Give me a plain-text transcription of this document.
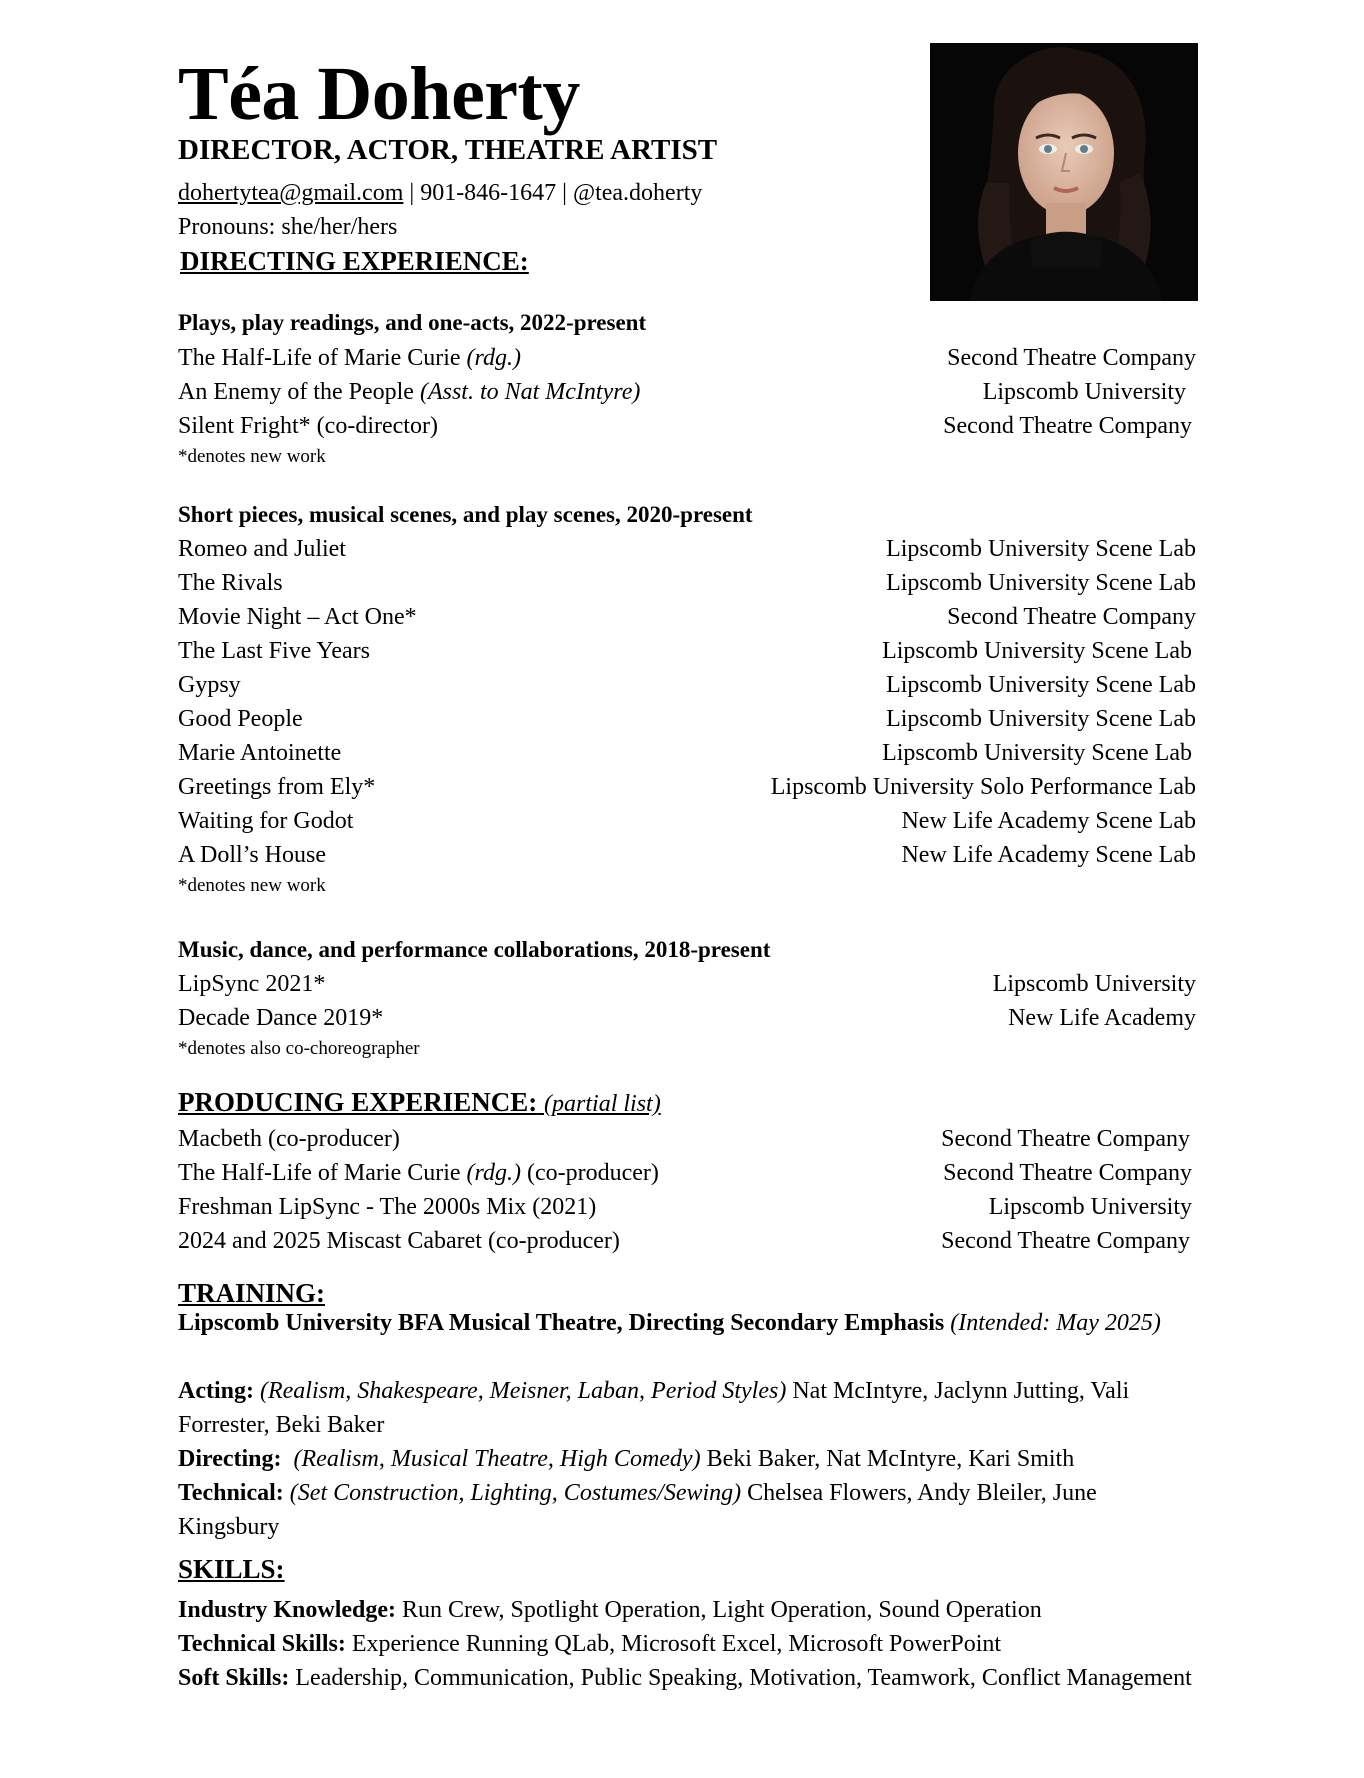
Téa Doherty
DIRECTOR, ACTOR, THEATRE ARTIST
dohertytea@gmail.com | 901-846-1647 | @tea.doherty
Pronouns: she/her/hers
DIRECTING EXPERIENCE:
Plays, play readings, and one-acts, 2022-present
The Half-Life of Marie Curie (rdg.)	Second Theatre Company
An Enemy of the People (Asst. to Nat McIntyre)	Lipscomb University
Silent Fright* (co-director)	Second Theatre Company
*denotes new work
Short pieces, musical scenes, and play scenes, 2020-present
Romeo and Juliet	Lipscomb University Scene Lab
The Rivals	Lipscomb University Scene Lab
Movie Night – Act One*	Second Theatre Company
The Last Five Years	Lipscomb University Scene Lab
Gypsy	Lipscomb University Scene Lab
Good People	Lipscomb University Scene Lab
Marie Antoinette	Lipscomb University Scene Lab
Greetings from Ely*	Lipscomb University Solo Performance Lab
Waiting for Godot	New Life Academy Scene Lab
A Doll’s House	New Life Academy Scene Lab
*denotes new work
Music, dance, and performance collaborations, 2018-present
LipSync 2021*	Lipscomb University
Decade Dance 2019*	New Life Academy
*denotes also co-choreographer
PRODUCING EXPERIENCE: (partial list)
Macbeth (co-producer)	Second Theatre Company
The Half-Life of Marie Curie (rdg.) (co-producer)	Second Theatre Company
Freshman LipSync - The 2000s Mix (2021)	Lipscomb University
2024 and 2025 Miscast Cabaret (co-producer)	Second Theatre Company
TRAINING:
Lipscomb University BFA Musical Theatre, Directing Secondary Emphasis (Intended: May 2025)
Acting: (Realism, Shakespeare, Meisner, Laban, Period Styles) Nat McIntyre, Jaclynn Jutting, Vali Forrester, Beki Baker
Directing: (Realism, Musical Theatre, High Comedy) Beki Baker, Nat McIntyre, Kari Smith
Technical: (Set Construction, Lighting, Costumes/Sewing) Chelsea Flowers, Andy Bleiler, June Kingsbury
SKILLS:
Industry Knowledge: Run Crew, Spotlight Operation, Light Operation, Sound Operation
Technical Skills: Experience Running QLab, Microsoft Excel, Microsoft PowerPoint
Soft Skills: Leadership, Communication, Public Speaking, Motivation, Teamwork, Conflict Management
